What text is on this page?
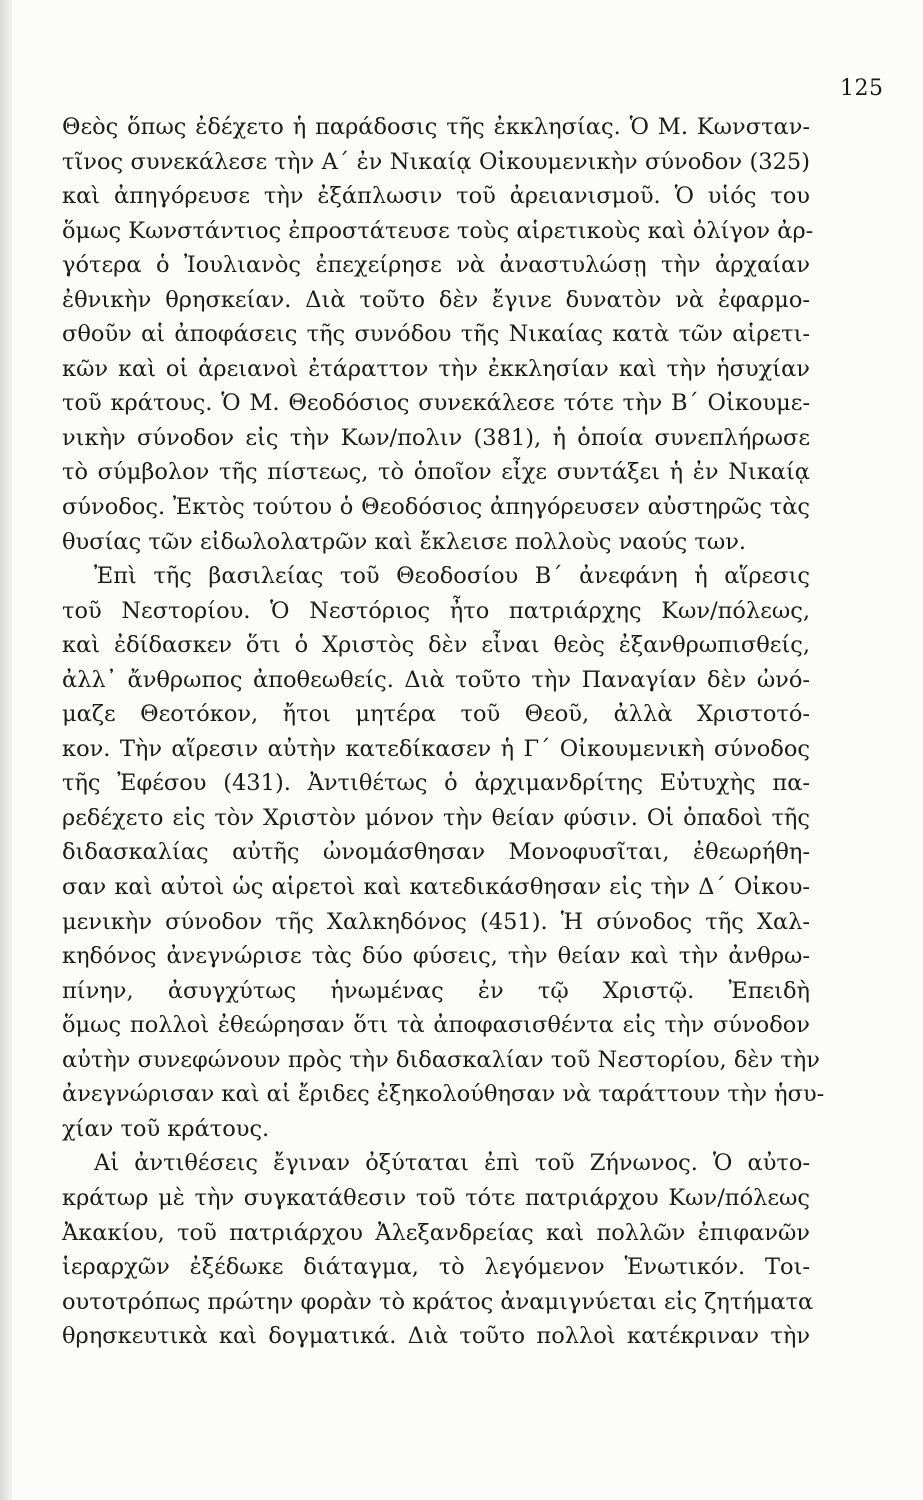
125
Θεὸς ὅπως ἐδέχετο ἡ παράδοσις τῆς ἐκκλησίας. Ὁ Μ. Κωνσταν-
τῖνος συνεκάλεσε τὴν Α΄ ἐν Νικαίᾳ Οἰκουμενικὴν σύνοδον (325)
καὶ ἀπηγόρευσε τὴν ἐξάπλωσιν τοῦ ἀρειανισμοῦ. Ὁ υἱός του
ὅμως Κωνστάντιος ἐπροστάτευσε τοὺς αἱρετικοὺς καὶ ὀλίγον ἀρ-
γότερα ὁ Ἰουλιανὸς ἐπεχείρησε νὰ ἀναστυλώσῃ τὴν ἀρχαίαν
ἐθνικὴν θρησκείαν. Διὰ τοῦτο δὲν ἔγινε δυνατὸν νὰ ἐφαρμο-
σθοῦν αἱ ἀποφάσεις τῆς συνόδου τῆς Νικαίας κατὰ τῶν αἱρετι-
κῶν καὶ οἱ ἀρειανοὶ ἐτάραττον τὴν ἐκκλησίαν καὶ τὴν ἡσυχίαν
τοῦ κράτους. Ὁ Μ. Θεοδόσιος συνεκάλεσε τότε τὴν Β΄ Οἰκουμε-
νικὴν σύνοδον εἰς τὴν Κων/πολιν (381), ἡ ὁποία συνεπλήρωσε
τὸ σύμβολον τῆς πίστεως, τὸ ὁποῖον εἶχε συντάξει ἡ ἐν Νικαίᾳ
σύνοδος. Ἐκτὸς τούτου ὁ Θεοδόσιος ἀπηγόρευσεν αὐστηρῶς τὰς
θυσίας τῶν εἰδωλολατρῶν καὶ ἔκλεισε πολλοὺς ναούς των.
Ἐπὶ τῆς βασιλείας τοῦ Θεοδοσίου Β΄ ἀνεφάνη ἡ αἵρεσις
τοῦ Νεστορίου. Ὁ Νεστόριος ἦτο πατριάρχης Κων/πόλεως,
καὶ ἐδίδασκεν ὅτι ὁ Χριστὸς δὲν εἶναι θεὸς ἐξανθρωπισθείς,
ἀλλ᾽ ἄνθρωπος ἀποθεωθείς. Διὰ τοῦτο τὴν Παναγίαν δὲν ὠνό-
μαζε Θεοτόκον, ἤτοι μητέρα τοῦ Θεοῦ, ἀλλὰ Χριστοτό-
κον. Τὴν αἵρεσιν αὐτὴν κατεδίκασεν ἡ Γ΄ Οἰκουμενικὴ σύνοδος
τῆς Ἐφέσου (431). Ἀντιθέτως ὁ ἀρχιμανδρίτης Εὐτυχὴς πα-
ρεδέχετο εἰς τὸν Χριστὸν μόνον τὴν θείαν φύσιν. Οἱ ὀπαδοὶ τῆς
διδασκαλίας αὐτῆς ὠνομάσθησαν Μονοφυσῖται, ἐθεωρήθη-
σαν καὶ αὐτοὶ ὡς αἱρετοὶ καὶ κατεδικάσθησαν εἰς τὴν Δ΄ Οἰκου-
μενικὴν σύνοδον τῆς Χαλκηδόνος (451). Ἡ σύνοδος τῆς Χαλ-
κηδόνος ἀνεγνώρισε τὰς δύο φύσεις, τὴν θείαν καὶ τὴν ἀνθρω-
πίνην, ἀσυγχύτως ἡνωμένας ἐν τῷ Χριστῷ. Ἐπειδὴ
ὅμως πολλοὶ ἐθεώρησαν ὅτι τὰ ἀποφασισθέντα εἰς τὴν σύνοδον
αὐτὴν συνεφώνουν πρὸς τὴν διδασκαλίαν τοῦ Νεστορίου, δὲν τὴν
ἀνεγνώρισαν καὶ αἱ ἔριδες ἐξηκολούθησαν νὰ ταράττουν τὴν ἡσυ-
χίαν τοῦ κράτους.
Αἱ ἀντιθέσεις ἔγιναν ὀξύταται ἐπὶ τοῦ Ζήνωνος. Ὁ αὐτο-
κράτωρ μὲ τὴν συγκατάθεσιν τοῦ τότε πατριάρχου Κων/πόλεως
Ἀκακίου, τοῦ πατριάρχου Ἀλεξανδρείας καὶ πολλῶν ἐπιφανῶν
ἱεραρχῶν ἐξέδωκε διάταγμα, τὸ λεγόμενον Ἑνωτικόν. Τοι-
ουτοτρόπως πρώτην φορὰν τὸ κράτος ἀναμιγνύεται εἰς ζητήματα
θρησκευτικὰ καὶ δογματικά. Διὰ τοῦτο πολλοὶ κατέκριναν τὴν
